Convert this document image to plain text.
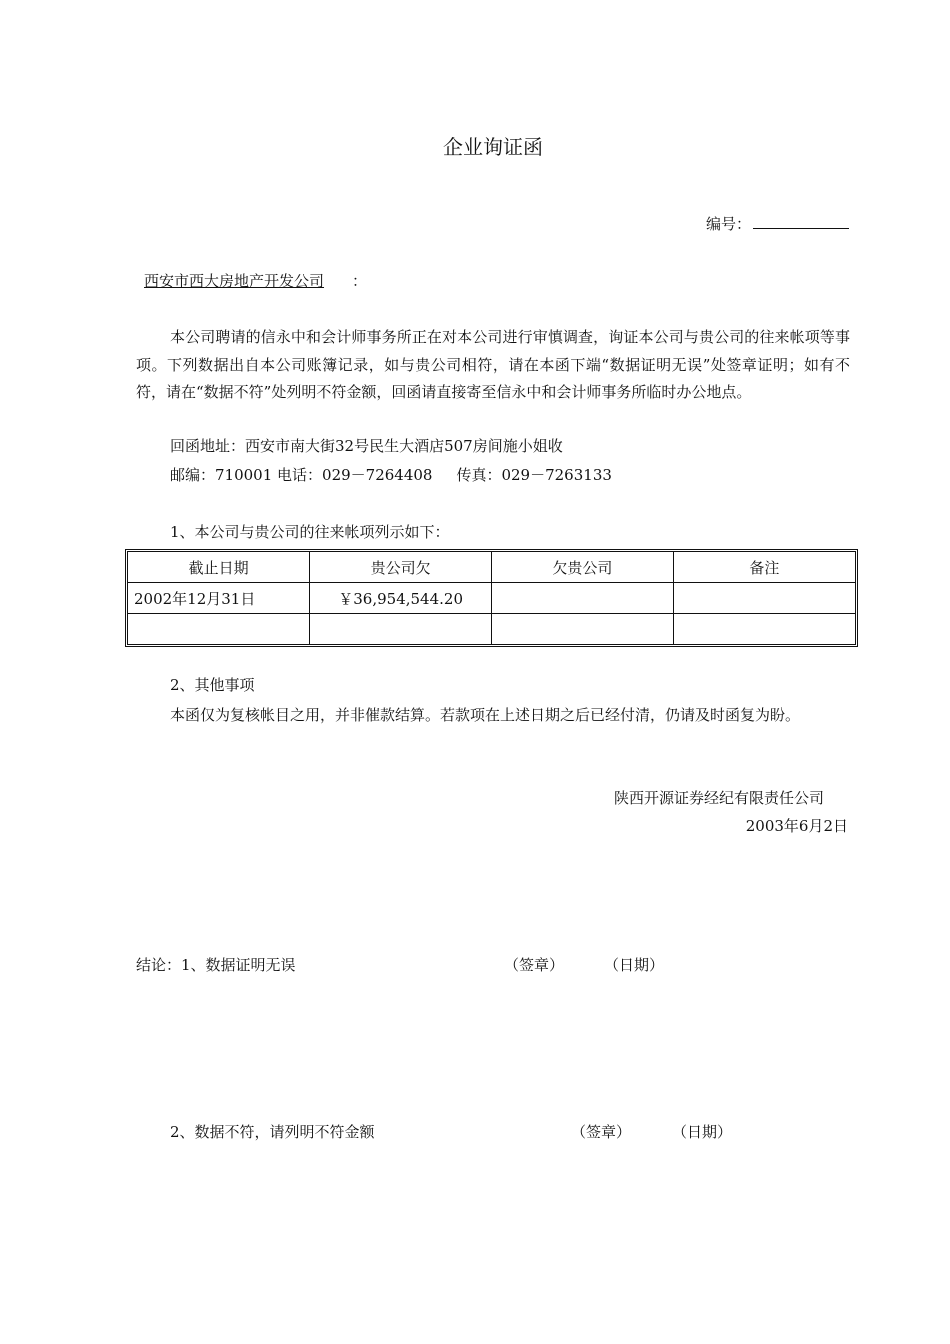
企业询证函
编号：
西安市西大房地产开发公司 ：
本公司聘请的信永中和会计师事务所正在对本公司进行审慎调查，询证本公司与贵公司的往来帐项等事项。下列数据出自本公司账簿记录，如与贵公司相符，请在本函下端“数据证明无误”处签章证明；如有不符，请在“数据不符”处列明不符金额，回函请直接寄至信永中和会计师事务所临时办公地点。
回函地址：西安市南大街32号民生大酒店507房间施小姐收
邮编：710001 电话：029－7264408 传真：029－7263133
1、本公司与贵公司的往来帐项列示如下：
截止日期	贵公司欠	欠贵公司	备注
2002年12月31日	￥36,954,544.20		

2、其他事项
本函仅为复核帐目之用，并非催款结算。若款项在上述日期之后已经付清，仍请及时函复为盼。
陕西开源证券经纪有限责任公司
2003年6月2日
结论：1、数据证明无误	（签章）	（日期）
2、数据不符，请列明不符金额	（签章）	（日期）
